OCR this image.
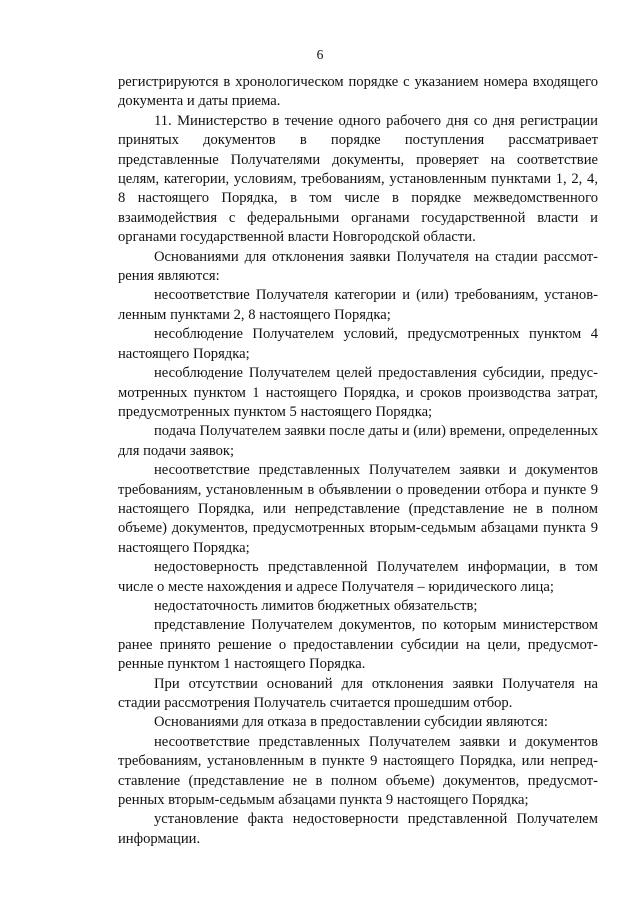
6

регистрируются в хронологическом порядке с указанием номера входящего документа и даты приема.

11. Министерство в течение одного рабочего дня со дня регистрации принятых документов в порядке поступления рассматривает представленные Получателями документы, проверяет на соответствие целям, категории, условиям, требованиям, установленным пунктами 1, 2, 4, 8 настоящего Порядка, в том числе в порядке межведомственного взаимодействия с федеральными органами государственной власти и органами государственной власти Новгородской области.

Основаниями для отклонения заявки Получателя на стадии рассмотрения являются:

несоответствие Получателя категории и (или) требованиям, установленным пунктами 2, 8 настоящего Порядка;

несоблюдение Получателем условий, предусмотренных пунктом 4 настоящего Порядка;

несоблюдение Получателем целей предоставления субсидии, предусмотренных пунктом 1 настоящего Порядка, и сроков производства затрат, предусмотренных пунктом 5 настоящего Порядка;

подача Получателем заявки после даты и (или) времени, определенных для подачи заявок;

несоответствие представленных Получателем заявки и документов требованиям, установленным в объявлении о проведении отбора и пункте 9 настоящего Порядка, или непредставление (представление не в полном объеме) документов, предусмотренных вторым-седьмым абзацами пункта 9 настоящего Порядка;

недостоверность представленной Получателем информации, в том числе о месте нахождения и адресе Получателя – юридического лица;

недостаточность лимитов бюджетных обязательств;

представление Получателем документов, по которым министерством ранее принято решение о предоставлении субсидии на цели, предусмотренные пунктом 1 настоящего Порядка.

При отсутствии оснований для отклонения заявки Получателя на стадии рассмотрения Получатель считается прошедшим отбор.

Основаниями для отказа в предоставлении субсидии являются:

несоответствие представленных Получателем заявки и документов требованиям, установленным в пункте 9 настоящего Порядка, или непредставление (представление не в полном объеме) документов, предусмотренных вторым-седьмым абзацами пункта 9 настоящего Порядка;

установление факта недостоверности представленной Получателем информации.
